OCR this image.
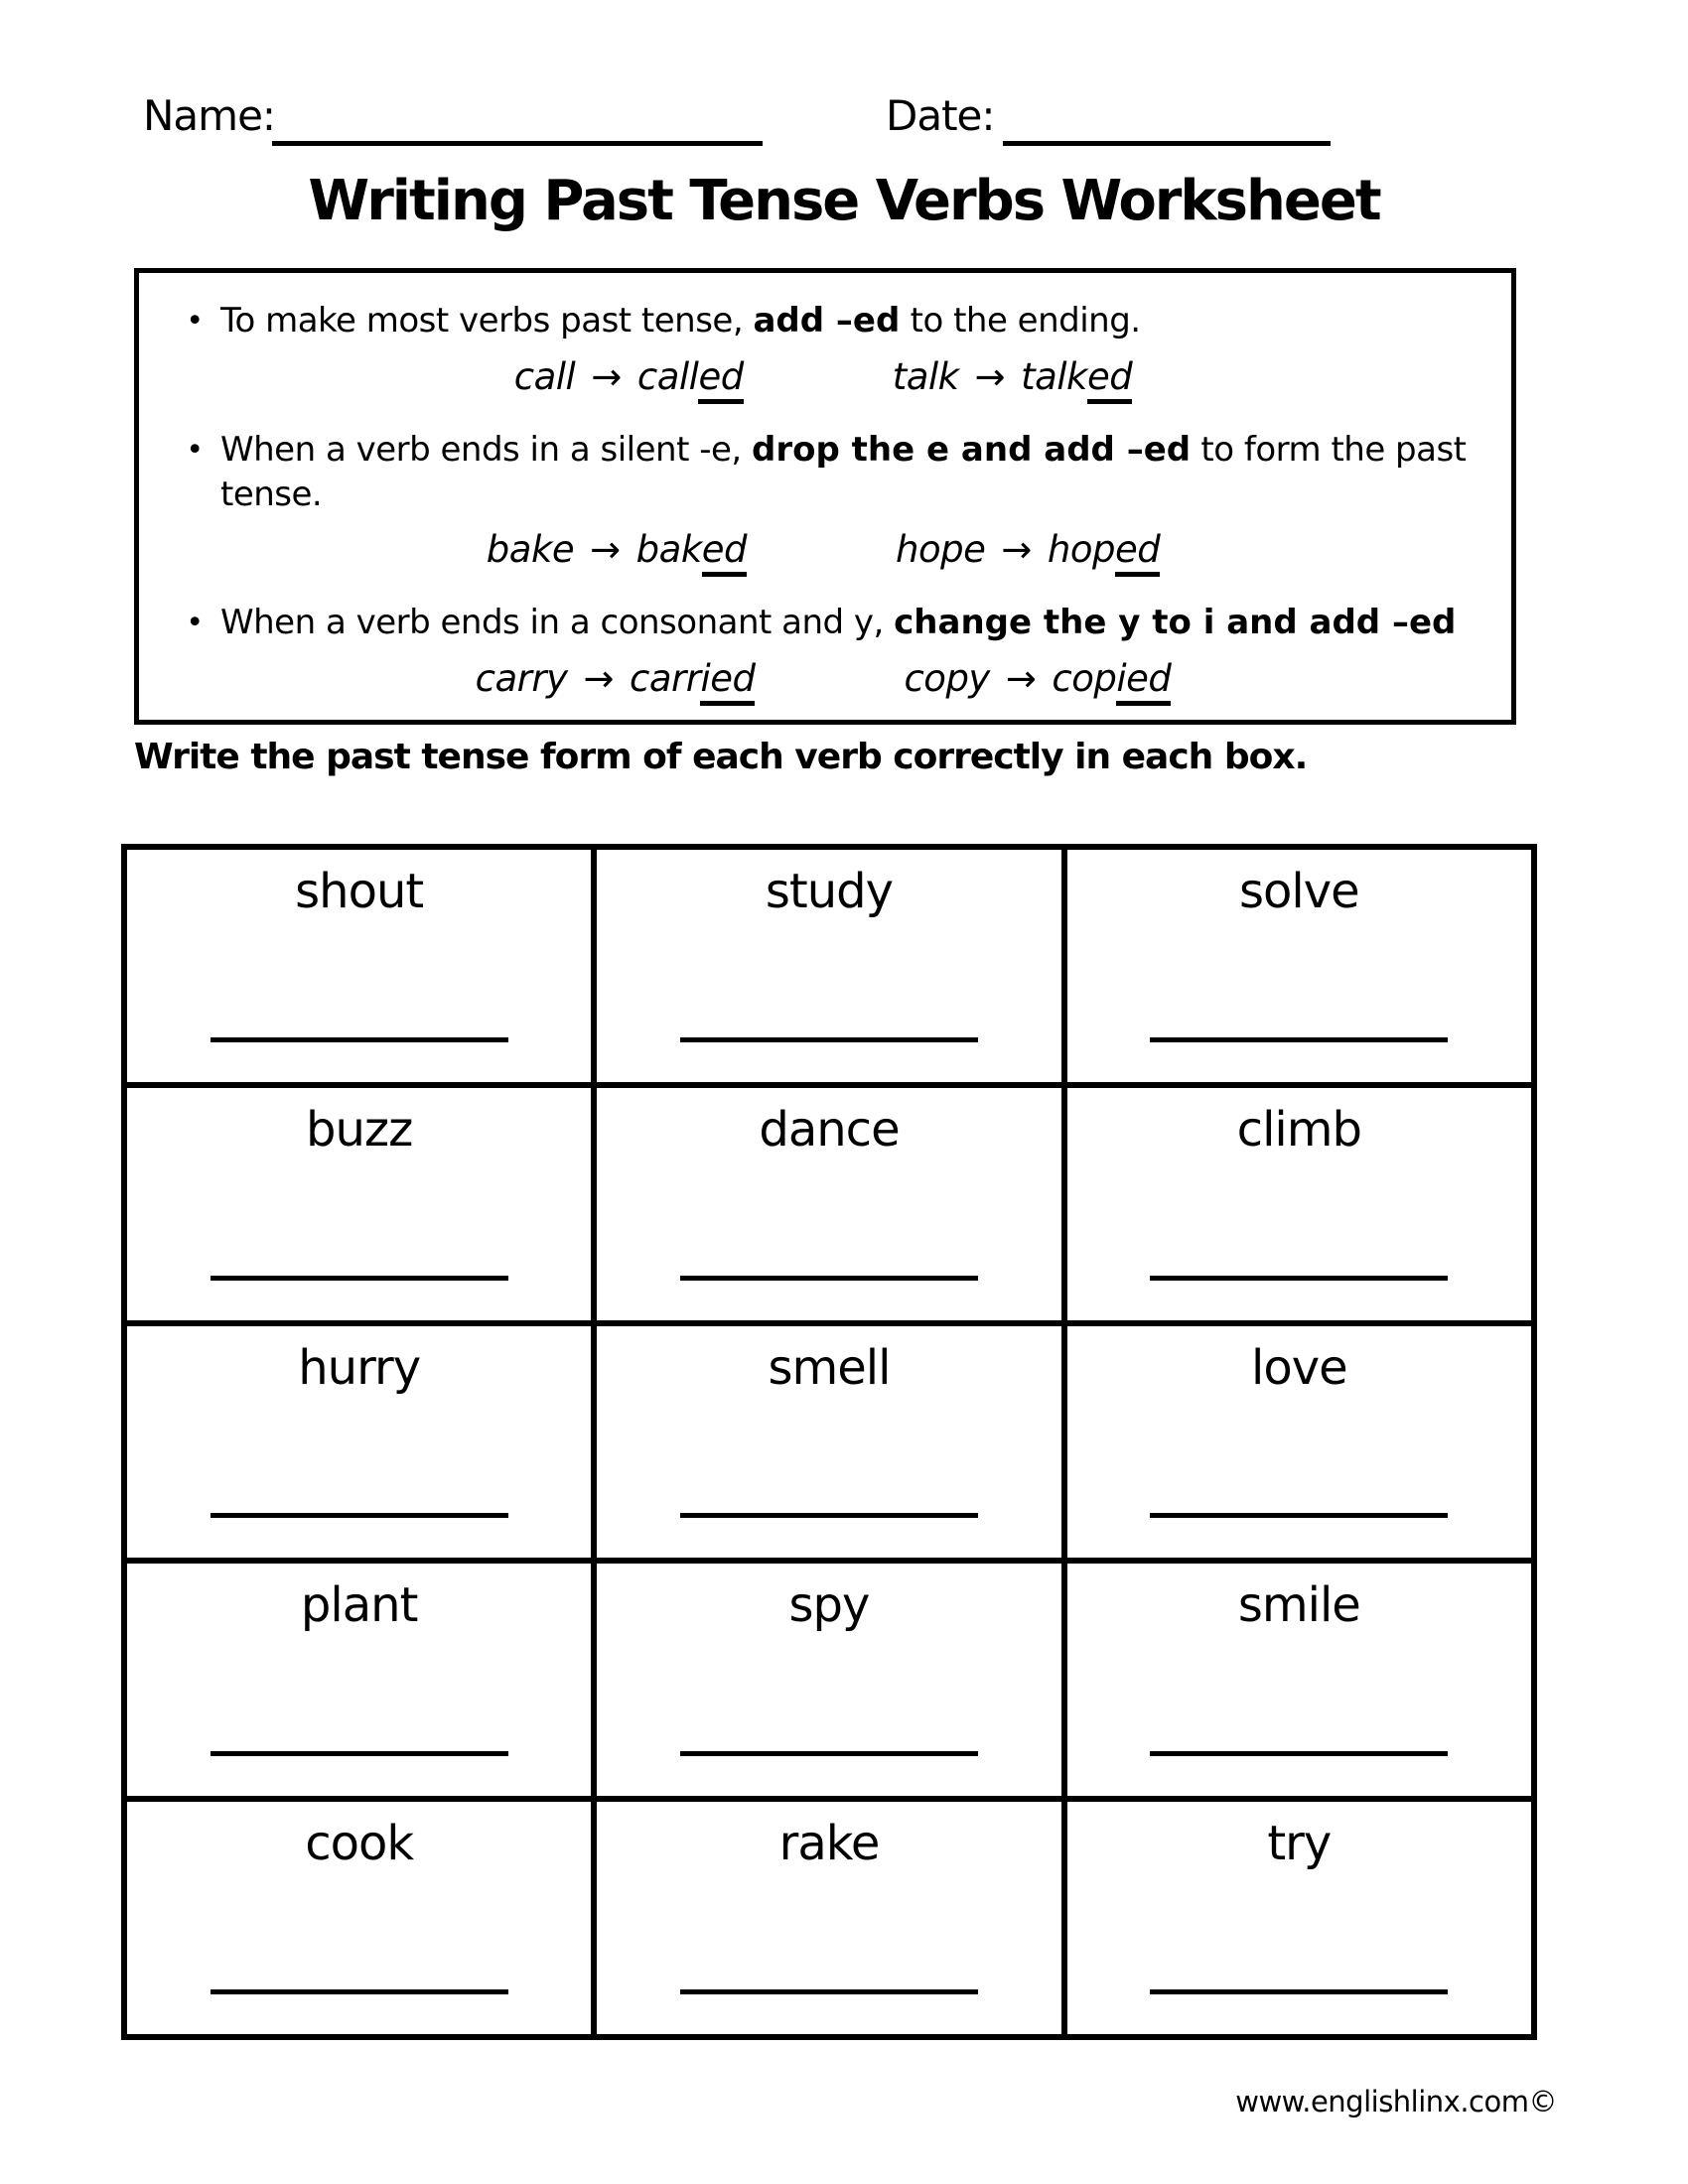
Name:	Date:
Writing Past Tense Verbs Worksheet
• To make most verbs past tense, add –ed to the ending.
call → called	talk → talked
• When a verb ends in a silent -e, drop the e and add –ed to form the past tense.
bake → baked	hope → hoped
• When a verb ends in a consonant and y, change the y to i and add –ed
carry → carried	copy → copied
Write the past tense form of each verb correctly in each box.
shout	study	solve
buzz	dance	climb
hurry	smell	love
plant	spy	smile
cook	rake	try
www.englishlinx.com©
